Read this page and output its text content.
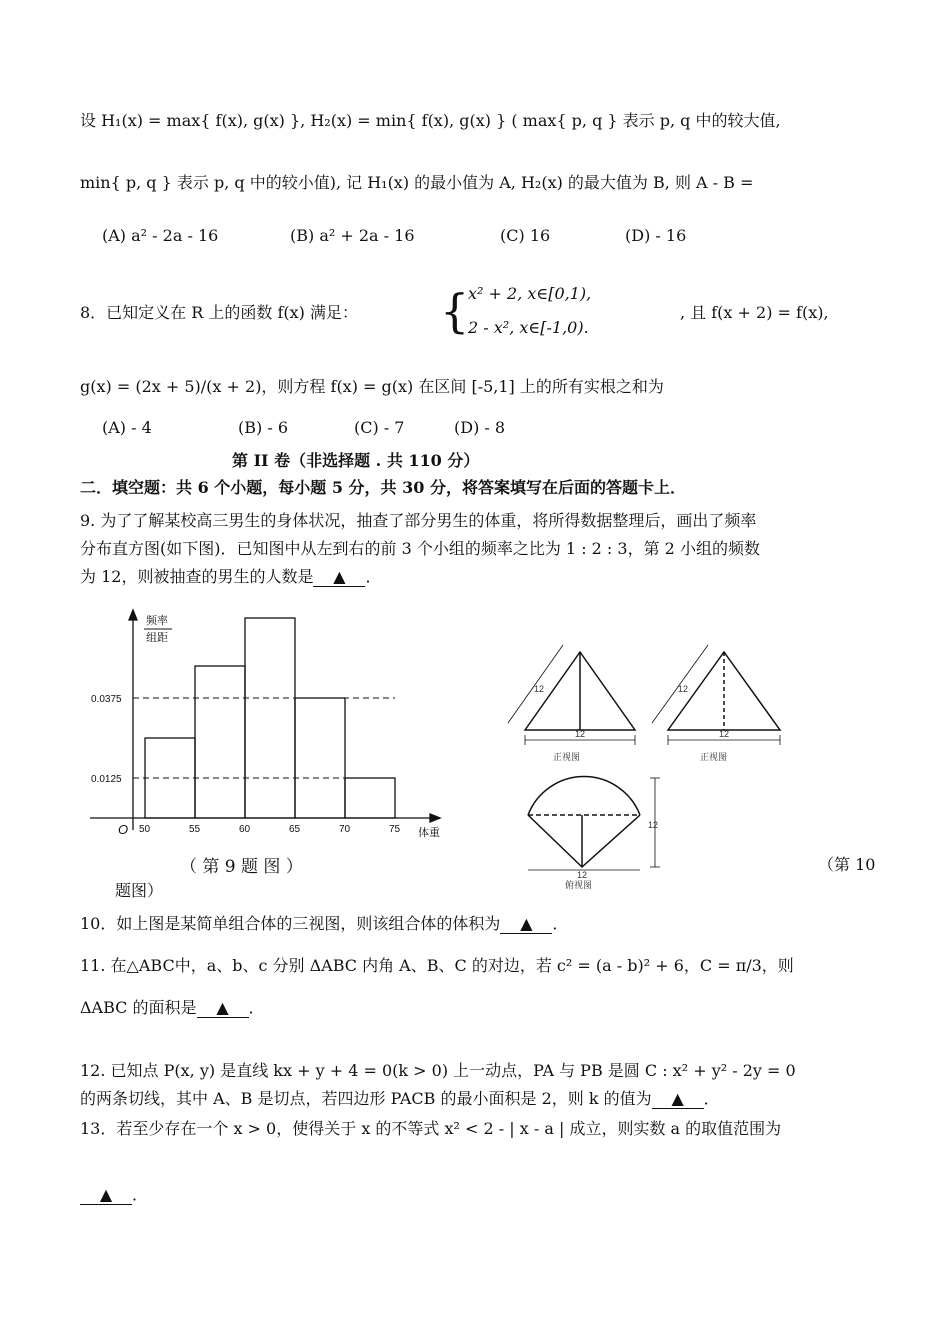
设 H₁(x) = max{ f(x), g(x) }, H₂(x) = min{ f(x), g(x) } ( max{ p, q } 表示 p, q 中的较大值,
min{ p, q } 表示 p, q 中的较小值), 记 H₁(x) 的最小值为 A, H₂(x) 的最大值为 B, 则 A - B =
(A) a² - 2a - 16	(B) a² + 2a - 16	(C) 16	(D) - 16
8．已知定义在 R 上的函数 f(x) 满足： {
x² + 2, x∈[0,1),
2 - x², x∈[-1,0).
, 且 f(x + 2) = f(x),
g(x) = (2x + 5)/(x + 2)，则方程 f(x) = g(x) 在区间 [-5,1] 上的所有实根之和为
(A) - 4	(B) - 6	(C) - 7	(D) - 8
第 II 卷（非选择题 . 共 110 分）
二．填空题：共 6 个小题，每小题 5 分，共 30 分，将答案填写在后面的答题卡上．
9. 为了了解某校高三男生的身体状况，抽查了部分男生的体重，将所得数据整理后，画出了频率
分布直方图(如下图)．已知图中从左到右的前 3 个小组的频率之比为 1 : 2 : 3，第 2 小组的频数
为 12，则被抽查的男生的人数是 ▲ ．
0.0125
0.0375
50	55	60	65	70	75
O	体重
频率
组距
（ 第 9 题 图 ）
12
12
正视图
12
12
正视图
12
12
俯视图
（第 10
题图）
10．如上图是某简单组合体的三视图，则该组合体的体积为 ▲ ．
11. 在△ABC中，a、b、c 分别 ΔABC 内角 A、B、C 的对边，若 c² = (a - b)² + 6，C = π/3，则
ΔABC 的面积是 ▲ ．
12. 已知点 P(x, y) 是直线 kx + y + 4 = 0(k > 0) 上一动点，PA 与 PB 是圆 C : x² + y² - 2y = 0
的两条切线，其中 A、B 是切点，若四边形 PACB 的最小面积是 2，则 k 的值为 ▲ ．
13．若至少存在一个 x > 0，使得关于 x 的不等式 x² < 2 - | x - a | 成立，则实数 a 的取值范围为
▲ ．
